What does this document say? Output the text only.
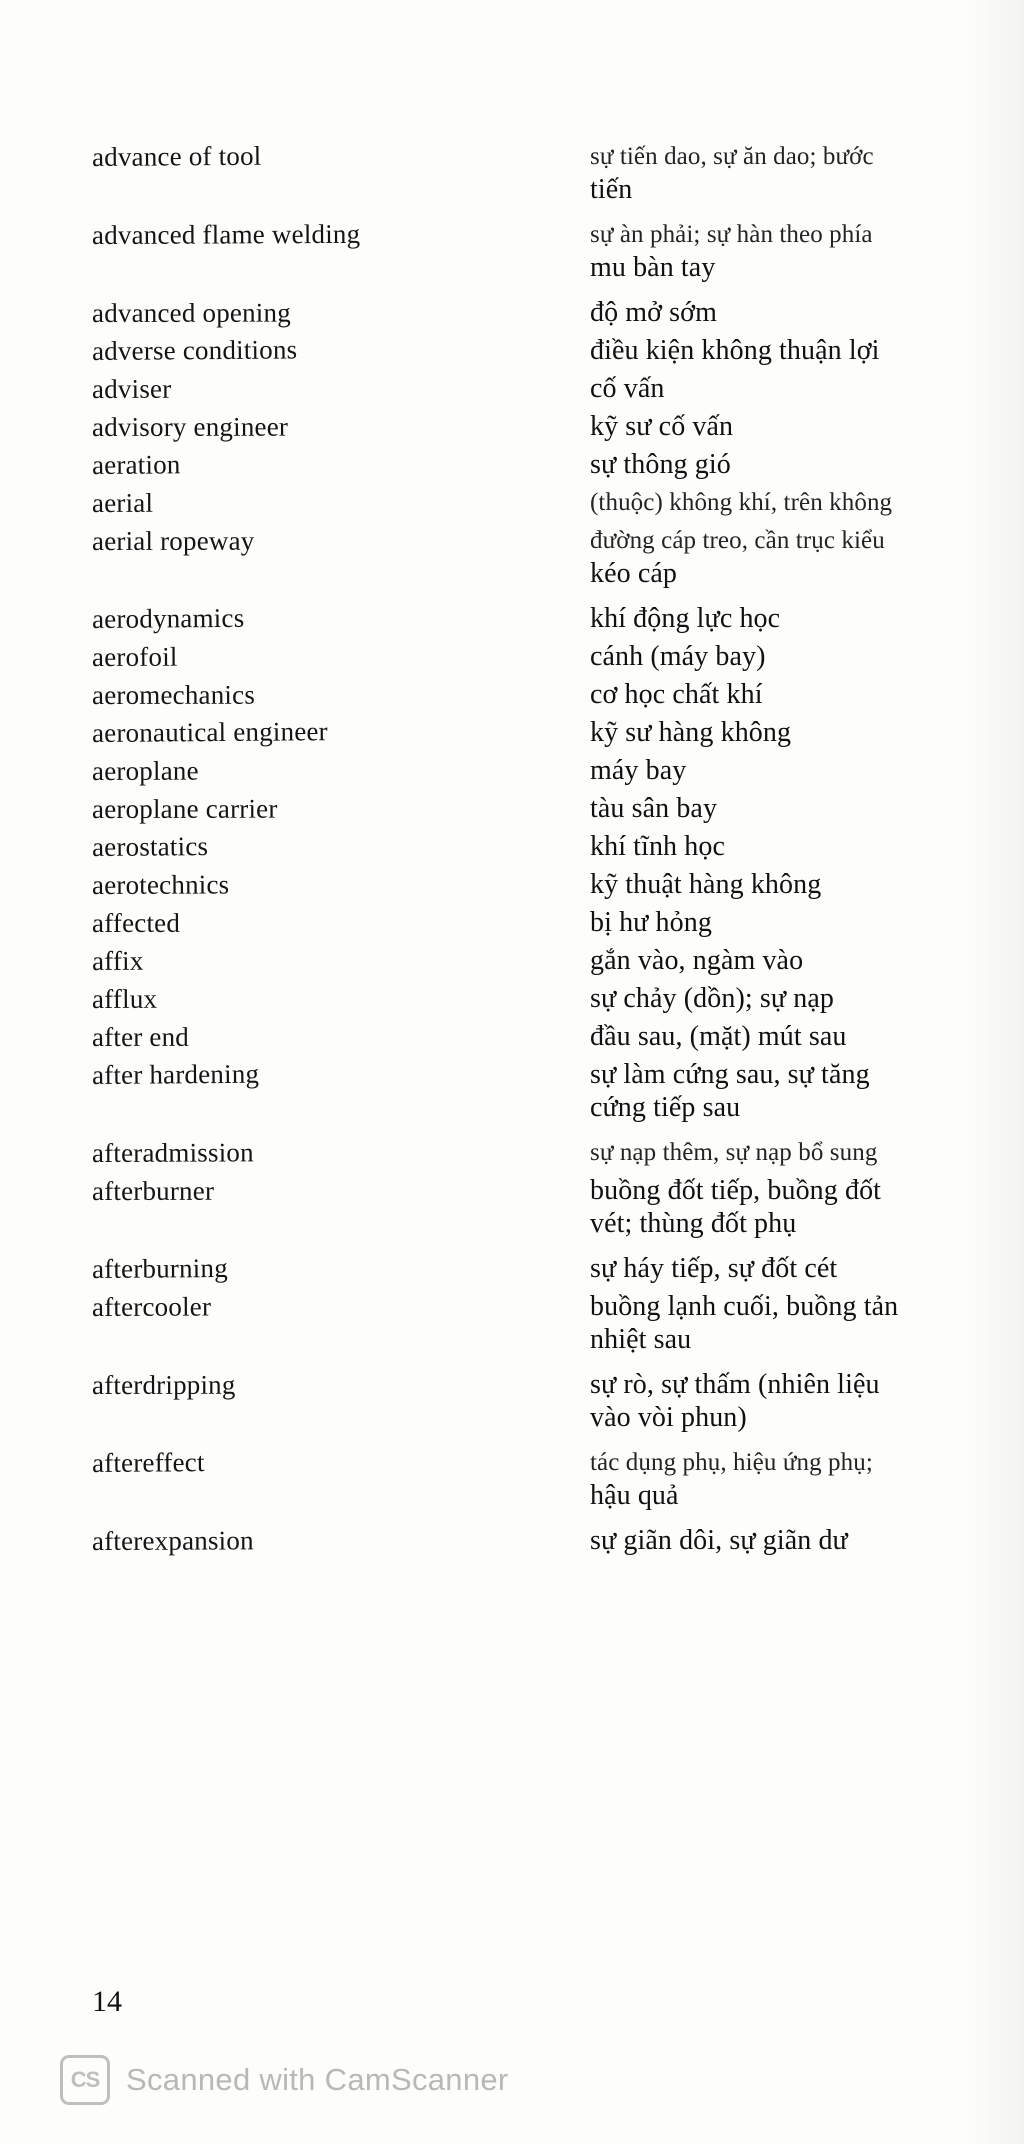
advance of tool	sự tiến dao, sự ăn dao; bước
tiến
advanced flame welding	sự àn phải; sự hàn theo phía
mu bàn tay
advanced opening	độ mở sớm
adverse conditions	điều kiện không thuận lợi
adviser	cố vấn
advisory engineer	kỹ sư cố vấn
aeration	sự thông gió
aerial	(thuộc) không khí, trên không
aerial ropeway	đường cáp treo, cần trục kiểu
kéo cáp
aerodynamics	khí động lực học
aerofoil	cánh (máy bay)
aeromechanics	cơ học chất khí
aeronautical engineer	kỹ sư hàng không
aeroplane	máy bay
aeroplane carrier	tàu sân bay
aerostatics	khí tĩnh học
aerotechnics	kỹ thuật hàng không
affected	bị hư hỏng
affix	gắn vào, ngàm vào
afflux	sự chảy (dồn); sự nạp
after end	đầu sau, (mặt) mút sau
after hardening	sự làm cứng sau, sự tăng
cứng tiếp sau
afteradmission	sự nạp thêm, sự nạp bổ sung
afterburner	buồng đốt tiếp, buồng đốt
vét; thùng đốt phụ
afterburning	sự háy tiếp, sự đốt cét
aftercooler	buồng lạnh cuối, buồng tản
nhiệt sau
afterdripping	sự rò, sự thấm (nhiên liệu
vào vòi phun)
aftereffect	tác dụng phụ, hiệu ứng phụ;
hậu quả
afterexpansion	sự giãn dôi, sự giãn dư
14
CS Scanned with CamScanner
